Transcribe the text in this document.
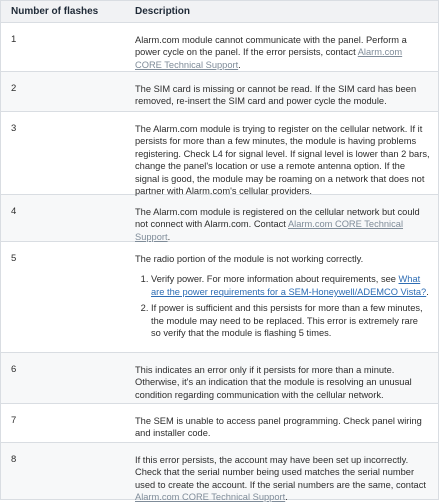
Number of flashes	Description
1	Alarm.com module cannot communicate with the panel. Perform a power cycle on the panel. If the error persists, contact Alarm.com CORE Technical Support.
2	The SIM card is missing or cannot be read. If the SIM card has been removed, re-insert the SIM card and power cycle the module.
3	The Alarm.com module is trying to register on the cellular network. If it persists for more than a few minutes, the module is having problems registering. Check L4 for signal level. If signal level is lower than 2 bars, change the panel's location or use a remote antenna option. If the signal is good, the module may be roaming on a network that does not partner with Alarm.com's cellular providers.
4	The Alarm.com module is registered on the cellular network but could not connect with Alarm.com. Contact Alarm.com CORE Technical Support.
5	The radio portion of the module is not working correctly.
1. Verify power. For more information about requirements, see What are the power requirements for a SEM-Honeywell/ADEMCO Vista?.
2. If power is sufficient and this persists for more than a few minutes, the module may need to be replaced. This error is extremely rare so verify that the module is flashing 5 times.
6	This indicates an error only if it persists for more than a minute. Otherwise, it's an indication that the module is resolving an unusual condition regarding communication with the cellular network.
7	The SEM is unable to access panel programming. Check panel wiring and installer code.
8	If this error persists, the account may have been set up incorrectly. Check that the serial number being used matches the serial number used to create the account. If the serial numbers are the same, contact Alarm.com CORE Technical Support.
